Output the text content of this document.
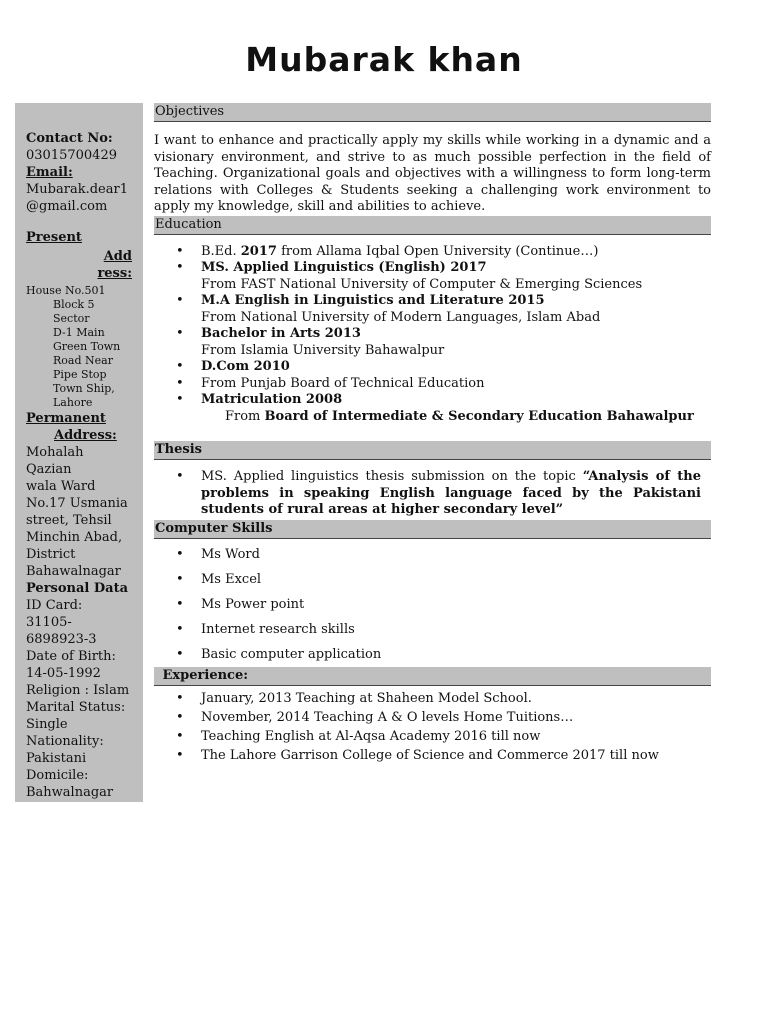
Mubarak khan
Contact No:
03015700429
Email:
Mubarak.dear1
@gmail.com
Present
Add
ress:
House No.501
Block 5 Sector
D-1 Main
Green Town
Road Near
Pipe Stop
Town Ship,
Lahore
Permanent
Address:
Mohalah Qazian
wala Ward
No.17 Usmania
street, Tehsil
Minchin Abad,
District
Bahawalnagar
Personal Data
ID Card: 31105-
6898923-3
Date of Birth:
14-05-1992
Religion : Islam
Marital Status:
Single
Nationality:
Pakistani
Domicile:
Bahwalnagar
Objectives

I want to enhance and practically apply my skills while working in a dynamic and a visionary environment, and strive to as much possible perfection in the field of Teaching. Organizational goals and objectives with a willingness to form long-term relations with Colleges & Students seeking a challenging work environment to apply my knowledge, skill and abilities to achieve.

Education
• B.Ed. 2017 from Allama Iqbal Open University (Continue…)
• MS. Applied Linguistics (English) 2017
From FAST National University of Computer & Emerging Sciences
• M.A English in Linguistics and Literature 2015
From National University of Modern Languages, Islam Abad
• Bachelor in Arts 2013
From Islamia University Bahawalpur
• D.Com 2010
• From Punjab Board of Technical Education
• Matriculation 2008
From Board of Intermediate & Secondary Education Bahawalpur
Thesis
• MS. Applied linguistics thesis submission on the topic “Analysis of the problems in speaking English language faced by the Pakistani students of rural areas at higher secondary level”
Computer Skills
• Ms Word
• Ms Excel
• Ms Power point
• Internet research skills
• Basic computer application
Experience:
• January, 2013 Teaching at Shaheen Model School.
• November, 2014 Teaching A & O levels Home Tuitions…
• Teaching English at Al-Aqsa Academy 2016 till now
• The Lahore Garrison College of Science and Commerce 2017 till now
